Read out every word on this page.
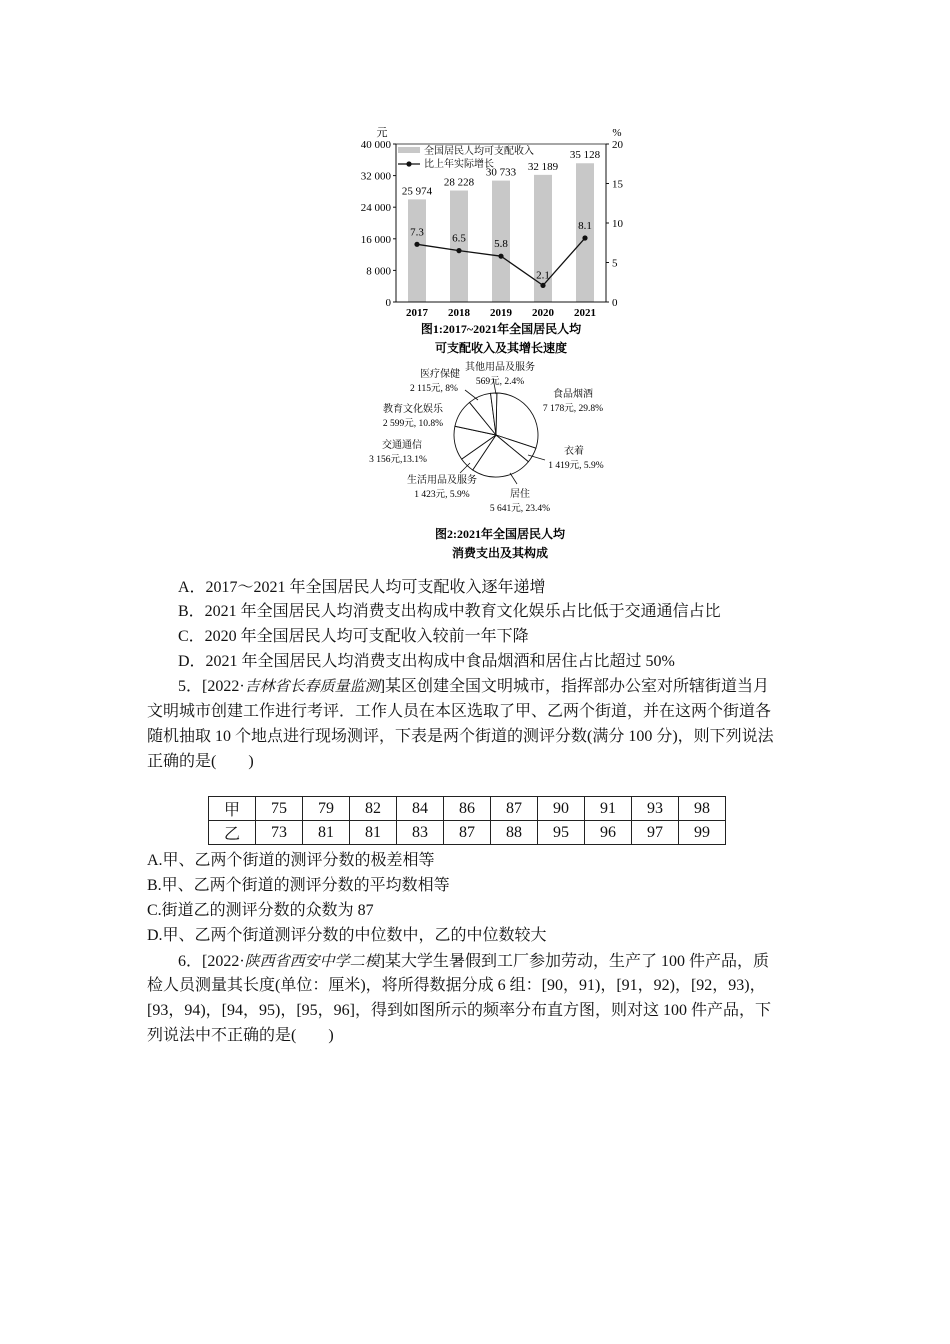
元	%
40 000
32 000
24 000
16 000
8 000
0
20
15
10
5
0
25 974
28 228
30 733 32 189
35 128
7.3
6.5	5.8
2.1
8.1
2017 2018 2019 2020 2021
全国居民人均可支配收入
比上年实际增长
图1:2017~2021年全国居民人均
可支配收入及其增长速度
其他用品及服务
569元, 2.4%
医疗保健
2 115元, 8%	食品烟酒
7 178元, 29.8%
教育文化娱乐
2 599元, 10.8%
交通通信
3 156元,13.1%
衣着
1 419元, 5.9%
生活用品及服务
1 423元, 5.9%	居住
5 641元, 23.4%
图2:2021年全国居民人均
消费支出及其构成
A．2017～2021 年全国居民人均可支配收入逐年递增
B．2021 年全国居民人均消费支出构成中教育文化娱乐占比低于交通通信占比
C．2020 年全国居民人均可支配收入较前一年下降
D．2021 年全国居民人均消费支出构成中食品烟酒和居住占比超过 50%
5．[2022·吉林省长春质量监测]某区创建全国文明城市，指挥部办公室对所辖街道当月
文明城市创建工作进行考评．工作人员在本区选取了甲、乙两个街道，并在这两个街道各
随机抽取 10 个地点进行现场测评，下表是两个街道的测评分数(满分 100 分)，则下列说法
正确的是(　　)
甲	75	79	82	84	86	87	90	91	93	98
乙	73	81	81	83	87	88	95	96	97	99
A.甲、乙两个街道的测评分数的极差相等
B.甲、乙两个街道的测评分数的平均数相等
C.街道乙的测评分数的众数为 87
D.甲、乙两个街道测评分数的中位数中，乙的中位数较大
6．[2022·陕西省西安中学二模]某大学生暑假到工厂参加劳动，生产了 100 件产品，质
检人员测量其长度(单位：厘米)，将所得数据分成 6 组：[90，91)，[91，92)，[92，93)，
[93，94)，[94，95)，[95，96]，得到如图所示的频率分布直方图，则对这 100 件产品，下
列说法中不正确的是(　　)
